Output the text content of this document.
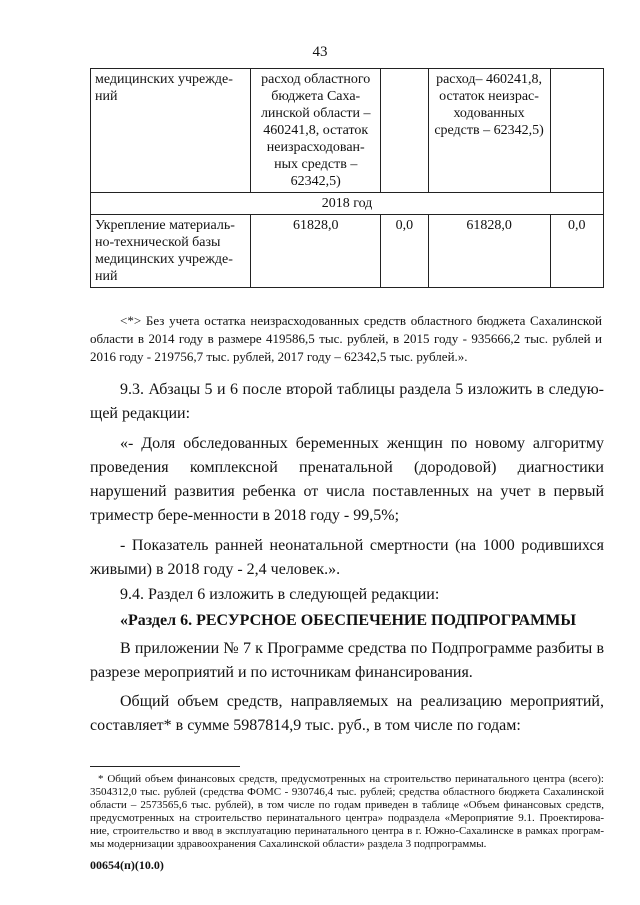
43
медицинских учрежде-ний	расход областного бюджета Саха-линской области – 460241,8, остаток неизрасходован-ных средств – 62342,5)		расход– 460241,8, остаток неизрас-ходованных средств – 62342,5)	
2018 год				
Укрепление материаль-но-технической базы медицинских учрежде-ний	61828,0	0,0	61828,0	0,0
<*> Без учета остатка неизрасходованных средств областного бюджета Сахалинской области в 2014 году в размере 419586,5 тыс. рублей, в 2015 году - 935666,2 тыс. рублей и 2016 году - 219756,7 тыс. рублей, 2017 году – 62342,5 тыс. рублей.».

9.3. Абзацы 5 и 6 после второй таблицы раздела 5 изложить в следую-щей редакции:

«- Доля обследованных беременных женщин по новому алгоритму проведения комплексной пренатальной (дородовой) диагностики нарушений развития ребенка от числа поставленных на учет в первый триместр бере-менности в 2018 году - 99,5%;

- Показатель ранней неонатальной смертности (на 1000 родившихся живыми) в 2018 году - 2,4 человек.».

9.4. Раздел 6 изложить в следующей редакции:

«Раздел 6. РЕСУРСНОЕ ОБЕСПЕЧЕНИЕ ПОДПРОГРАММЫ

В приложении № 7 к Программе средства по Подпрограмме разбиты в разрезе мероприятий и по источникам финансирования.

Общий объем средств, направляемых на реализацию мероприятий, составляет* в сумме 5987814,9 тыс. руб., в том числе по годам:

* Общий объем финансовых средств, предусмотренных на строительство перинатального центра (всего): 3504312,0 тыс. рублей (средства ФОМС - 930746,4 тыс. рублей; средства областного бюджета Сахалинской области – 2573565,6 тыс. рублей), в том числе по годам приведен в таблице «Объем финансовых средств, предусмотренных на строительство перинатального центра» подраздела «Мероприятие 9.1. Проектирова-ние, строительство и ввод в эксплуатацию перинатального центра в г. Южно-Сахалинске в рамках програм-мы модернизации здравоохранения Сахалинской области» раздела 3 подпрограммы.
00654(п)(10.0)
